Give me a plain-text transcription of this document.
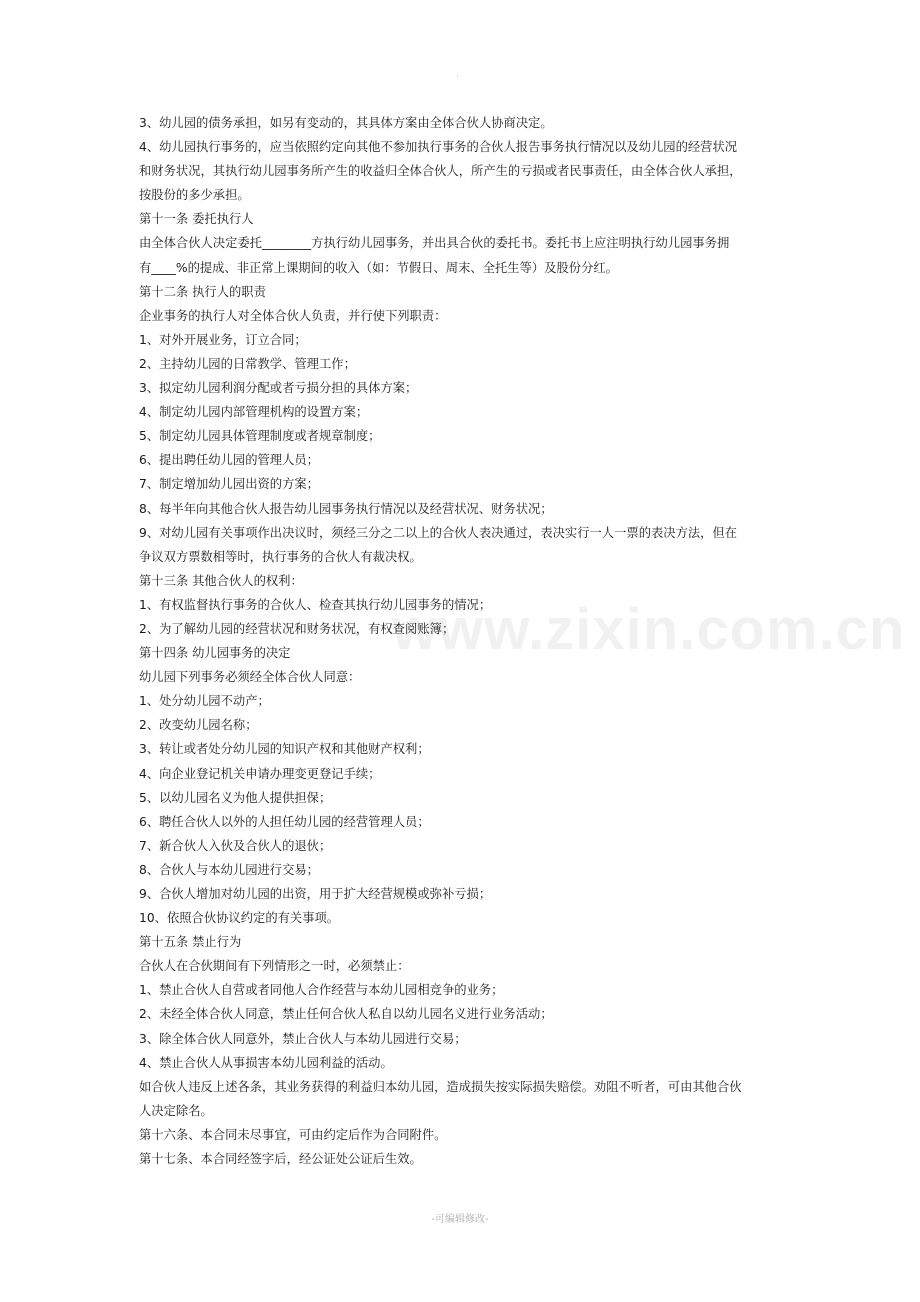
.
3、幼儿园的债务承担，如另有变动的，其具体方案由全体合伙人协商决定。
4、幼儿园执行事务的，应当依照约定向其他不参加执行事务的合伙人报告事务执行情况以及幼儿园的经营状况
和财务状况，其执行幼儿园事务所产生的收益归全体合伙人，所产生的亏损或者民事责任，由全体合伙人承担，
按股份的多少承担。
第十一条 委托执行人
由全体合伙人决定委托________方执行幼儿园事务，并出具合伙的委托书。委托书上应注明执行幼儿园事务拥
有____%的提成、非正常上课期间的收入（如：节假日、周末、全托生等）及股份分红。
第十二条 执行人的职责
企业事务的执行人对全体合伙人负责，并行使下列职责：
1、对外开展业务，订立合同；
2、主持幼儿园的日常教学、管理工作；
3、拟定幼儿园利润分配或者亏损分担的具体方案；
4、制定幼儿园内部管理机构的设置方案；
5、制定幼儿园具体管理制度或者规章制度；
6、提出聘任幼儿园的管理人员；
7、制定增加幼儿园出资的方案；
8、每半年向其他合伙人报告幼儿园事务执行情况以及经营状况、财务状况；
9、对幼儿园有关事项作出决议时，须经三分之二以上的合伙人表决通过，表决实行一人一票的表决方法，但在
争议双方票数相等时，执行事务的合伙人有裁决权。
第十三条 其他合伙人的权利：
1、有权监督执行事务的合伙人、检查其执行幼儿园事务的情况；
2、为了解幼儿园的经营状况和财务状况，有权查阅账簿；
第十四条 幼儿园事务的决定
幼儿园下列事务必须经全体合伙人同意：
1、处分幼儿园不动产；
2、改变幼儿园名称；
3、转让或者处分幼儿园的知识产权和其他财产权利；
4、向企业登记机关申请办理变更登记手续；
5、以幼儿园名义为他人提供担保；
6、聘任合伙人以外的人担任幼儿园的经营管理人员；
7、新合伙人入伙及合伙人的退伙；
8、合伙人与本幼儿园进行交易；
9、合伙人增加对幼儿园的出资，用于扩大经营规模或弥补亏损；
10、依照合伙协议约定的有关事项。
第十五条 禁止行为
合伙人在合伙期间有下列情形之一时，必须禁止：
1、禁止合伙人自营或者同他人合作经营与本幼儿园相竞争的业务；
2、未经全体合伙人同意，禁止任何合伙人私自以幼儿园名义进行业务活动；
3、除全体合伙人同意外，禁止合伙人与本幼儿园进行交易；
4、禁止合伙人从事损害本幼儿园利益的活动。
如合伙人违反上述各条，其业务获得的利益归本幼儿园，造成损失按实际损失赔偿。劝阻不听者，可由其他合伙
人决定除名。
第十六条、本合同未尽事宜，可由约定后作为合同附件。
第十七条、本合同经签字后，经公证处公证后生效。
www.zixin.com.cn
-可编辑修改-
